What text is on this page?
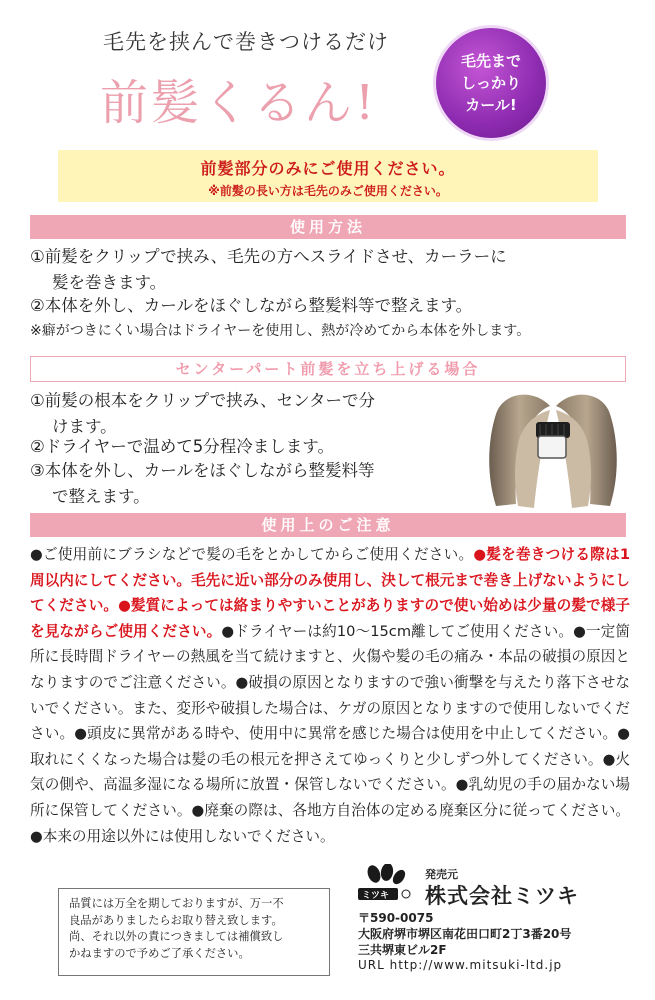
毛先を挟んで巻きつけるだけ
前髪くるん!
毛先まで
しっかり
カール!
前髪部分のみにご使用ください。
※前髪の長い方は毛先のみご使用ください。
使用方法
①前髪をクリップで挟み、毛先の方へスライドさせ、カーラーに
髪を巻きます。
②本体を外し、カールをほぐしながら整髪料等で整えます。
※癖がつきにくい場合はドライヤーを使用し、熱が冷めてから本体を外します。
センターパート前髪を立ち上げる場合
①前髪の根本をクリップで挟み、センターで分
けます。
②ドライヤーで温めて5分程冷まします。
③本体を外し、カールをほぐしながら整髪料等
で整えます。
使用上のご注意
●ご使用前にブラシなどで髪の毛をとかしてからご使用ください。●髪を巻きつける際は1周以内にしてください。毛先に近い部分のみ使用し、決して根元まで巻き上げないようにしてください。●髪質によっては絡まりやすいことがありますので使い始めは少量の髪で様子を見ながらご使用ください。●ドライヤーは約10～15cm離してご使用ください。●一定箇所に長時間ドライヤーの熱風を当て続けますと、火傷や髪の毛の痛み・本品の破損の原因となりますのでご注意ください。●破損の原因となりますので強い衝撃を与えたり落下させないでください。また、変形や破損した場合は、ケガの原因となりますので使用しないでください。●頭皮に異常がある時や、使用中に異常を感じた場合は使用を中止してください。●取れにくくなった場合は髪の毛の根元を押さえてゆっくりと少しずつ外してください。●火気の側や、高温多湿になる場所に放置・保管しないでください。●乳幼児の手の届かない場所に保管してください。●廃棄の際は、各地方自治体の定める廃棄区分に従ってください。●本来の用途以外には使用しないでください。
品質には万全を期しておりますが、万一不
良品がありましたらお取り替え致します。
尚、それ以外の責につきましては補償致し
かねますので予めご了承ください。
ミツキ
発売元
株式会社ミツキ
〒590-0075
大阪府堺市堺区南花田口町2丁3番20号
三共堺東ビル2F
URL http://www.mitsuki-ltd.jp
